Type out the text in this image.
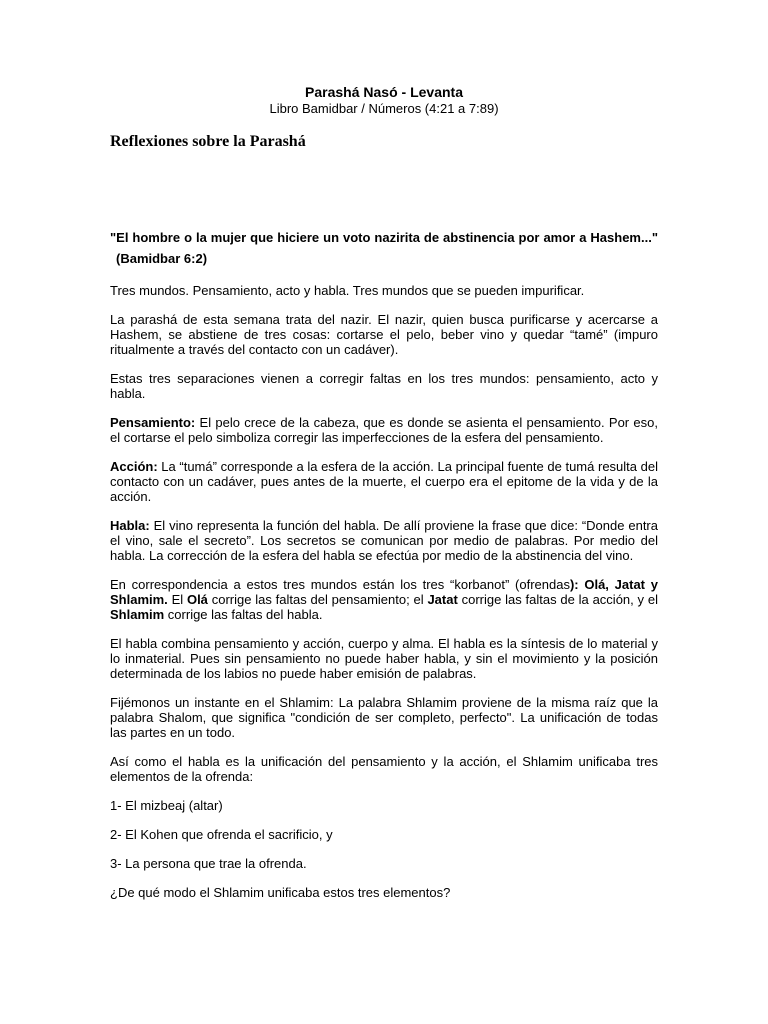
Parashá Nasó - Levanta
Libro Bamidbar / Números (4:21 a 7:89)
Reflexiones sobre la Parashá
"El hombre o la mujer que hiciere un voto nazirita de abstinencia por amor a Hashem..."(Bamidbar 6:2)

Tres mundos. Pensamiento, acto y habla. Tres mundos que se pueden impurificar.

La parashá de esta semana trata del nazir. El nazir, quien busca purificarse y acercarse a Hashem, se abstiene de tres cosas: cortarse el pelo, beber vino y quedar “tamé” (impuro ritualmente a través del contacto con un cadáver).

Estas tres separaciones vienen a corregir faltas en los tres mundos: pensamiento, acto y habla.

Pensamiento: El pelo crece de la cabeza, que es donde se asienta el pensamiento. Por eso, el cortarse el pelo simboliza corregir las imperfecciones de la esfera del pensamiento.

Acción: La “tumá” corresponde a la esfera de la acción. La principal fuente de tumá resulta del contacto con un cadáver, pues antes de la muerte, el cuerpo era el epitome de la vida y de la acción.

Habla: El vino representa la función del habla. De allí proviene la frase que dice: “Donde entra el vino, sale el secreto”. Los secretos se comunican por medio de palabras. Por medio del habla. La corrección de la esfera del habla se efectúa por medio de la abstinencia del vino.

En correspondencia a estos tres mundos están los tres “korbanot” (ofrendas): Olá, Jatat y Shlamim. El Olá corrige las faltas del pensamiento; el Jatat corrige las faltas de la acción, y el Shlamim corrige las faltas del habla.

El habla combina pensamiento y acción, cuerpo y alma. El habla es la síntesis de lo material y lo inmaterial. Pues sin pensamiento no puede haber habla, y sin el movimiento y la posición determinada de los labios no puede haber emisión de palabras.

Fijémonos un instante en el Shlamim: La palabra Shlamim proviene de la misma raíz que la palabra Shalom, que significa "condición de ser completo, perfecto". La unificación de todas las partes en un todo.

Así como el habla es la unificación del pensamiento y la acción, el Shlamim unificaba tres elementos de la ofrenda:

1- El mizbeaj (altar)

2- El Kohen que ofrenda el sacrificio, y

3- La persona que trae la ofrenda.

¿De qué modo el Shlamim unificaba estos tres elementos?
